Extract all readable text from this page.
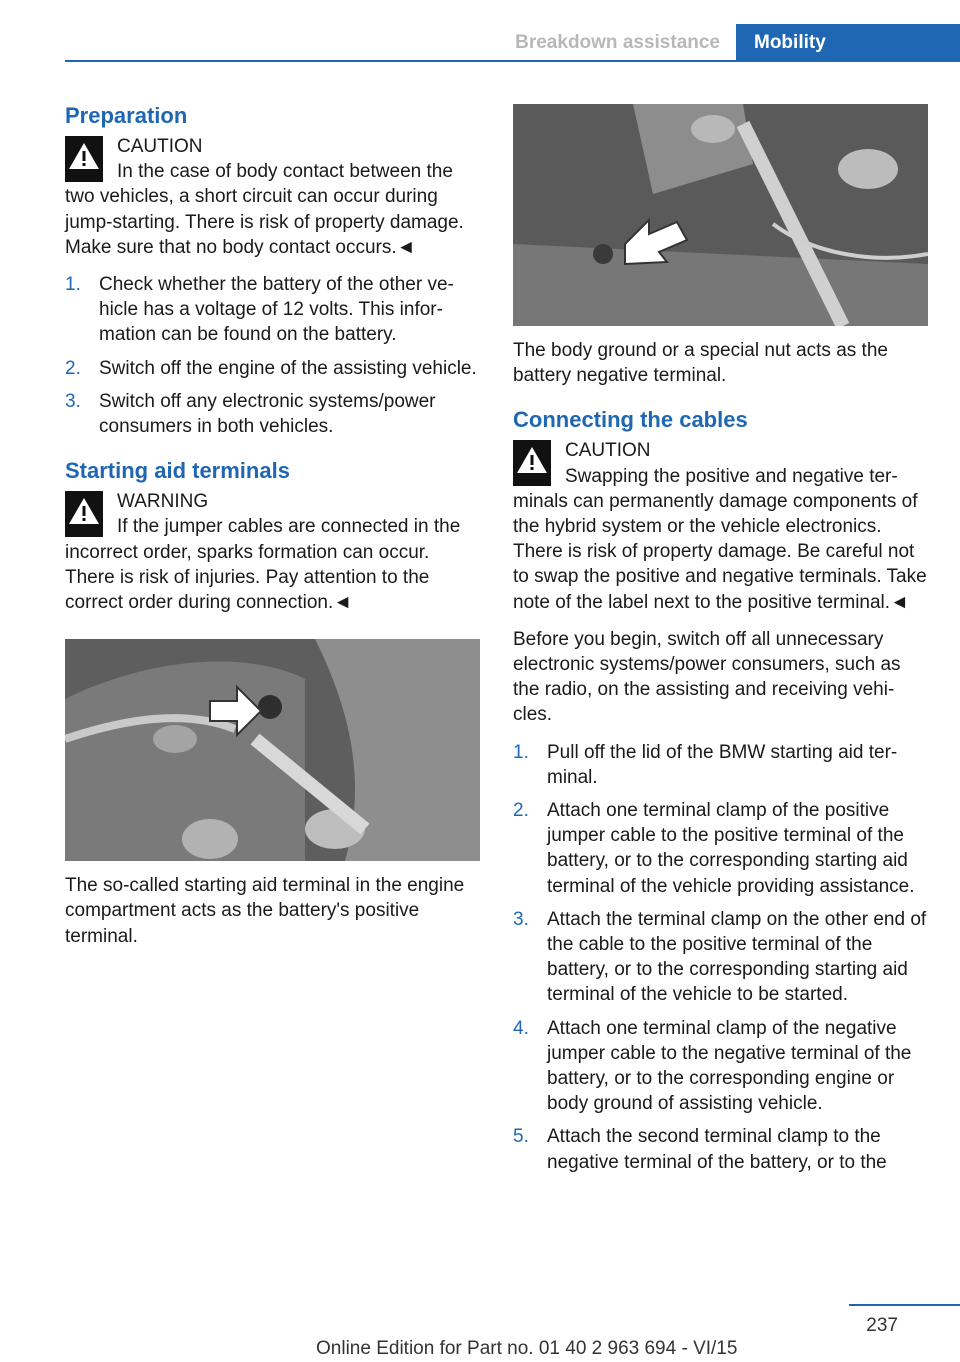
Breakdown assistance	Mobility
Preparation
CAUTION
In the case of body contact between the
two vehicles, a short circuit can occur during jump-starting. There is risk of property damage. Make sure that no body contact occurs.◄
1. Check whether the battery of the other vehicle has a voltage of 12 volts. This information can be found on the battery.
2. Switch off the engine of the assisting vehicle.
3. Switch off any electronic systems/power consumers in both vehicles.
Starting aid terminals
WARNING
If the jumper cables are connected in the
incorrect order, sparks formation can occur. There is risk of injuries. Pay attention to the correct order during connection.◄

The so-called starting aid terminal in the engine compartment acts as the battery's positive terminal.

The body ground or a special nut acts as the battery negative terminal.

Connecting the cables
CAUTION
Swapping the positive and negative ter-
minals can permanently damage components of the hybrid system or the vehicle electronics. There is risk of property damage. Be careful not to swap the positive and negative terminals. Take note of the label next to the positive terminal.◄

Before you begin, switch off all unnecessary electronic systems/power consumers, such as the radio, on the assisting and receiving vehicles.

1. Pull off the lid of the BMW starting aid terminal.
2. Attach one terminal clamp of the positive jumper cable to the positive terminal of the battery, or to the corresponding starting aid terminal of the vehicle providing assistance.
3. Attach the terminal clamp on the other end of the cable to the positive terminal of the battery, or to the corresponding starting aid terminal of the vehicle to be started.
4. Attach one terminal clamp of the negative jumper cable to the negative terminal of the battery, or to the corresponding engine or body ground of assisting vehicle.
5. Attach the second terminal clamp to the negative terminal of the battery, or to the
237
Online Edition for Part no. 01 40 2 963 694 - VI/15
